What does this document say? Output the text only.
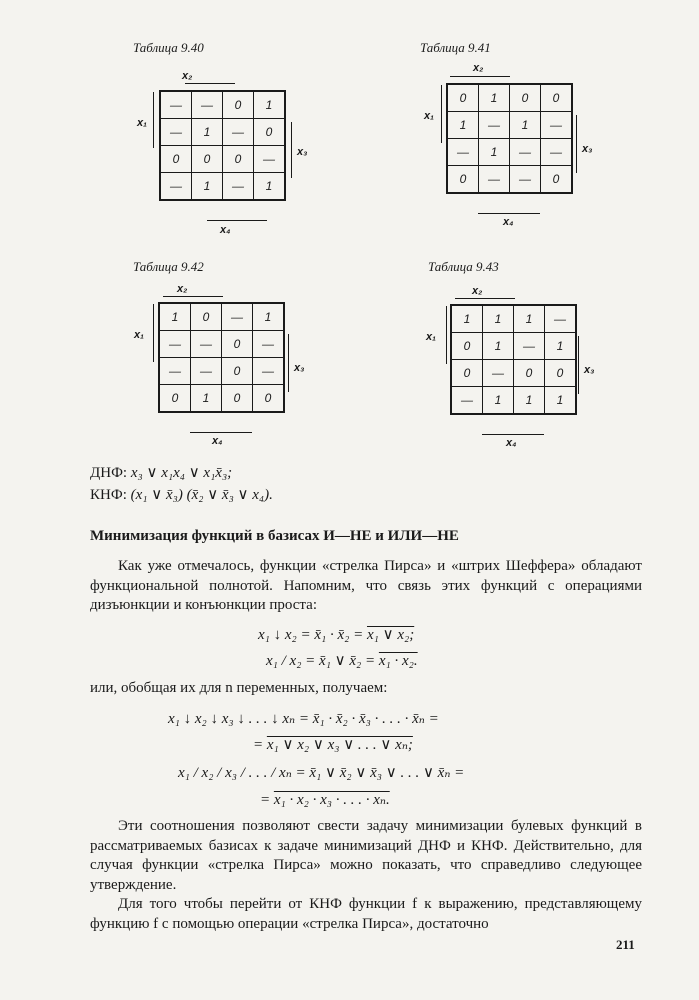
Таблица 9.40
x₂
x₁
x₃
x₄
—	—	0	1
—	1	—	0
0	0	0	—
—	1	—	1
Таблица 9.41
x₂
x₁
x₃
x₄
0	1	0	0
1	—	1	—
—	1	—	—
0	—	—	0
Таблица 9.42
x₂
x₁
x₃
x₄
1	0	—	1
—	—	0	—
—	—	0	—
0	1	0	0
Таблица 9.43
x₂
x₁
x₃
x₄
1	1	1	—
0	1	—	1
0	—	0	0
—	1	1	1
ДНФ: x₃ ∨ x₁x₄ ∨ x₁x̄₃;
КНФ: (x₁ ∨ x̄₃) (x̄₂ ∨ x̄₃ ∨ x₄).
Минимизация функций в базисах И—НЕ и ИЛИ—НЕ

Как уже отмечалось, функции «стрелка Пирса» и «штрих Шеффера» обладают функциональной полнотой. Напомним, что связь этих функций с операциями дизъюнкции и конъюнкции проста:

x₁ ↓ x₂ = x̄₁ · x̄₂ = x₁ ∨ x₂;
x₁ / x₂ = x̄₁ ∨ x̄₂ = x₁ · x₂.

или, обобщая их для n переменных, получаем:

x₁ ↓ x₂ ↓ x₃ ↓ . . . ↓ xₙ = x̄₁ · x̄₂ · x̄₃ · . . . · x̄ₙ =
= x₁ ∨ x₂ ∨ x₃ ∨ . . . ∨ xₙ;
x₁ / x₂ / x₃ / . . . / xₙ = x̄₁ ∨ x̄₂ ∨ x̄₃ ∨ . . . ∨ x̄ₙ =
= x₁ · x₂ · x₃ · . . . · xₙ.

Эти соотношения позволяют свести задачу минимизации булевых функций в рассматриваемых базисах к задаче минимизаций ДНФ и КНФ. Действительно, для случая функции «стрелка Пирса» можно показать, что справедливо следующее утверждение.

Для того чтобы перейти от КНФ функции f к выражению, представляющему функцию f с помощью операции «стрелка Пирса», достаточно

211
